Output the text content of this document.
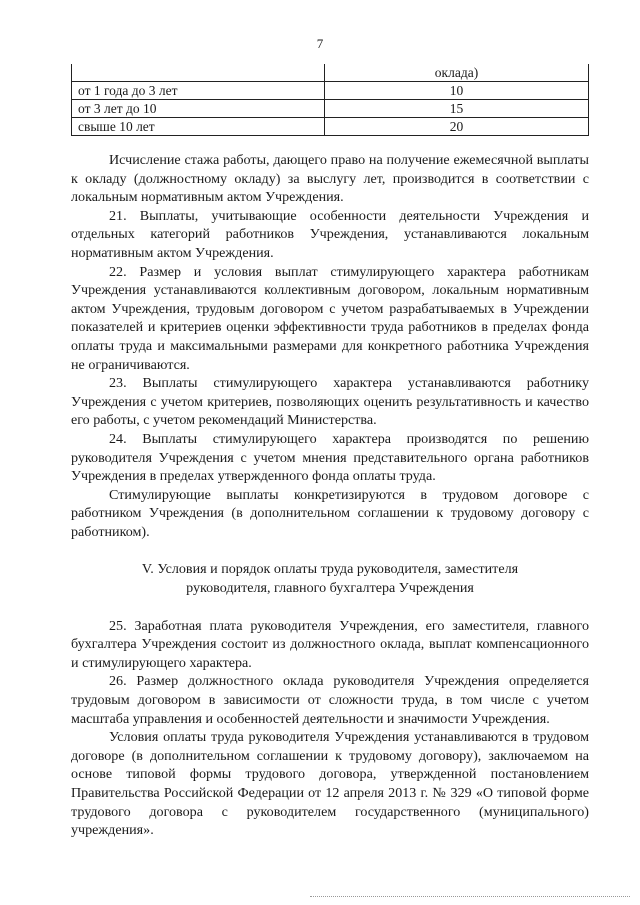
7
	оклада)
от 1 года до 3 лет	10
от 3 лет до 10	15
свыше 10 лет	20

Исчисление стажа работы, дающего право на получение ежемесячной выплаты к окладу (должностному окладу) за выслугу лет, производится в соответствии с локальным нормативным актом Учреждения.

21. Выплаты, учитывающие особенности деятельности Учреждения и отдельных категорий работников Учреждения, устанавливаются локальным нормативным актом Учреждения.

22. Размер и условия выплат стимулирующего характера работникам Учреждения устанавливаются коллективным договором, локальным нормативным актом Учреждения, трудовым договором с учетом разрабатываемых в Учреждении показателей и критериев оценки эффективности труда работников в пределах фонда оплаты труда и максимальными размерами для конкретного работника Учреждения не ограничиваются.

23. Выплаты стимулирующего характера устанавливаются работнику Учреждения с учетом критериев, позволяющих оценить результативность и качество его работы, с учетом рекомендаций Министерства.

24. Выплаты стимулирующего характера производятся по решению руководителя Учреждения с учетом мнения представительного органа работников Учреждения в пределах утвержденного фонда оплаты труда.

Стимулирующие выплаты конкретизируются в трудовом договоре с работником Учреждения (в дополнительном соглашении к трудовому договору с работником).

V. Условия и порядок оплаты труда руководителя, заместителя руководителя, главного бухгалтера Учреждения

25. Заработная плата руководителя Учреждения, его заместителя, главного бухгалтера Учреждения состоит из должностного оклада, выплат компенсационного и стимулирующего характера.

26. Размер должностного оклада руководителя Учреждения определяется трудовым договором в зависимости от сложности труда, в том числе с учетом масштаба управления и особенностей деятельности и значимости Учреждения.

Условия оплаты труда руководителя Учреждения устанавливаются в трудовом договоре (в дополнительном соглашении к трудовому договору), заключаемом на основе типовой формы трудового договора, утвержденной постановлением Правительства Российской Федерации от 12 апреля 2013 г. № 329 «О типовой форме трудового договора с руководителем государственного (муниципального) учреждения».
